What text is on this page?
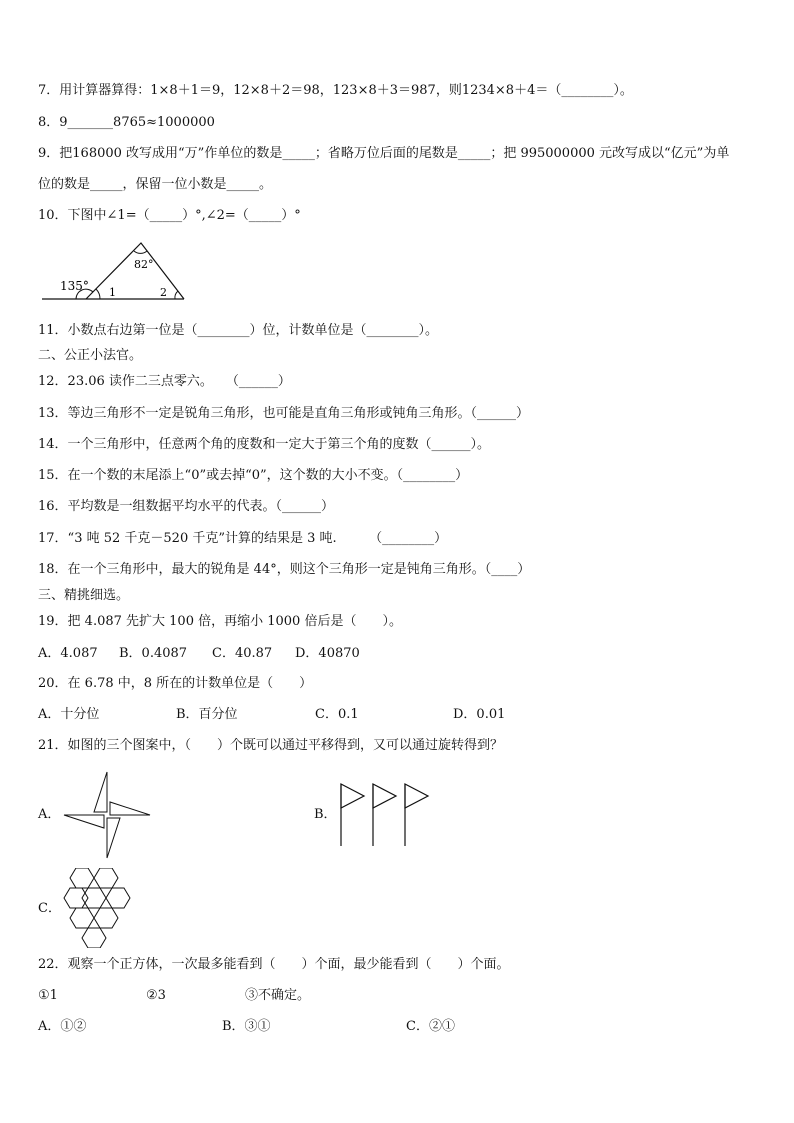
7．用计算器算得：1×8＋1＝9，12×8＋2＝98，123×8＋3＝987，则1234×8＋4＝（________）。
8．9_______8765≈1000000
9．把168000 改写成用“万”作单位的数是_____；省略万位后面的尾数是_____；把 995000000 元改写成以“亿元”为单
位的数是_____，保留一位小数是_____。
10．下图中∠1=（_____）°,∠2=（_____）°
135°
82°
1	2
11．小数点右边第一位是（________）位，计数单位是（________）。
二、公正小法官。
12．23.06 读作二三点零六。　　（______）
13．等边三角形不一定是锐角三角形，也可能是直角三角形或钝角三角形。（______）
14．一个三角形中，任意两个角的度数和一定大于第三个角的度数（______）。
15．在一个数的末尾添上“0”或去掉“0”，这个数的大小不变。（________）
16．平均数是一组数据平均水平的代表。（______）
17．“3 吨 52 千克－520 千克”计算的结果是 3 吨.　　　（________）
18．在一个三角形中，最大的锐角是 44°，则这个三角形一定是钝角三角形。（____）
三、精挑细选。
19．把 4.087 先扩大 100 倍，再缩小 1000 倍后是（　　）。
A．4.087 B．0.4087 C．40.87 D．40870
20．在 6.78 中，8 所在的计数单位是（　　）
A．十分位	B．百分位	C．0.1	D．0.01
21．如图的三个图案中，（　　）个既可以通过平移得到，又可以通过旋转得到？
A．	B．
C．
22．观察一个正方体，一次最多能看到（　　）个面，最少能看到（　　）个面。
①1	②3	③不确定。
A．①②	B．③①	C．②①
